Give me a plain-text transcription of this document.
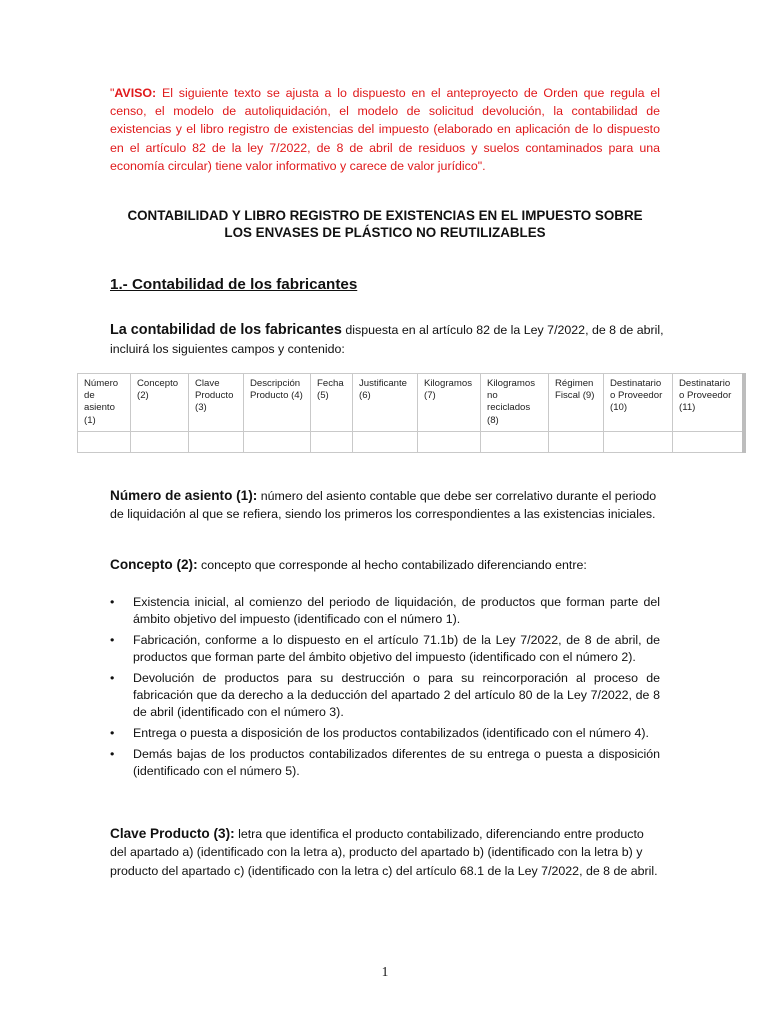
"AVISO: El siguiente texto se ajusta a lo dispuesto en el anteproyecto de Orden que regula el censo, el modelo de autoliquidación, el modelo de solicitud devolución, la contabilidad de existencias y el libro registro de existencias del impuesto (elaborado en aplicación de lo dispuesto en el artículo 82 de la ley 7/2022, de 8 de abril de residuos y suelos contaminados para una economía circular) tiene valor informativo y carece de valor jurídico".

CONTABILIDAD Y LIBRO REGISTRO DE EXISTENCIAS EN EL IMPUESTO SOBRE
LOS ENVASES DE PLÁSTICO NO REUTILIZABLES
1.- Contabilidad de los fabricantes

La contabilidad de los fabricantes dispuesta en al artículo 82 de la Ley 7/2022, de 8 de abril, incluirá los siguientes campos y contenido:

Número de asiento (1)	Concepto (2)	Clave Producto (3)	Descripción Producto (4)	Fecha (5)	Justificante (6)	Kilogramos (7)	Kilogramos no reciclados (8)	Régimen Fiscal (9)	Destinatario o Proveedor (10)	Destinatario o Proveedor (11)

Número de asiento (1): número del asiento contable que debe ser correlativo durante el periodo de liquidación al que se refiera, siendo los primeros los correspondientes a las existencias iniciales.

Concepto (2): concepto que corresponde al hecho contabilizado diferenciando entre:

• Existencia inicial, al comienzo del periodo de liquidación, de productos que forman parte del ámbito objetivo del impuesto (identificado con el número 1).
• Fabricación, conforme a lo dispuesto en el artículo 71.1b) de la Ley 7/2022, de 8 de abril, de productos que forman parte del ámbito objetivo del impuesto (identificado con el número 2).
• Devolución de productos para su destrucción o para su reincorporación al proceso de fabricación que da derecho a la deducción del apartado 2 del artículo 80 de la Ley 7/2022, de 8 de abril (identificado con el número 3).
• Entrega o puesta a disposición de los productos contabilizados (identificado con el número 4).
• Demás bajas de los productos contabilizados diferentes de su entrega o puesta a disposición (identificado con el número 5).

Clave Producto (3): letra que identifica el producto contabilizado, diferenciando entre producto del apartado a) (identificado con la letra a), producto del apartado b) (identificado con la letra b) y producto del apartado c) (identificado con la letra c) del artículo 68.1 de la Ley 7/2022, de 8 de abril.

1
